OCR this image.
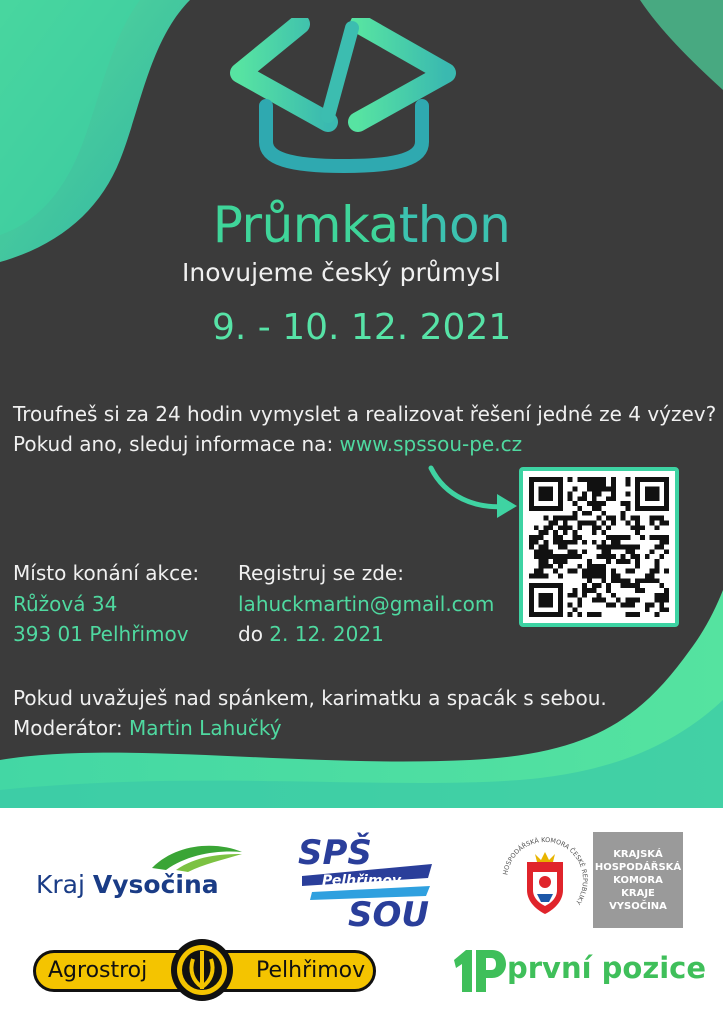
Průmkathon
Inovujeme český průmysl
9. - 10. 12. 2021
Troufneš si za 24 hodin vymyslet a realizovat řešení jedné ze 4 výzev?
Pokud ano, sleduj informace na: www.spssou-pe.cz
Místo konání akce:
Růžová 34
393 01 Pelhřimov
Registruj se zde:
lahuckmartin@gmail.com
do 2. 12. 2021
Pokud uvažuješ nad spánkem, karimatku a spacák s sebou.
Moderátor: Martin Lahučký
Kraj Vysočina
SPŠ
Pelhřimov
SOU
HOSPODÁŘSKÁ KOMORA ČESKÉ REPUBLIKY
KRAJSKÁ
HOSPODÁŘSKÁ
KOMORA
KRAJE
VYSOČINA
Agrostroj	Pelhřimov	první pozice
